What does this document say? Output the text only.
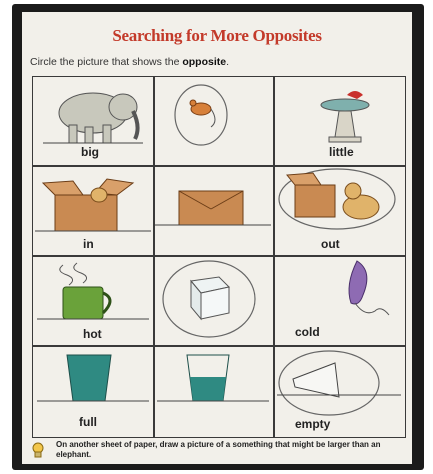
Searching for More Opposites
Circle the picture that shows the opposite.
big	little
in	out
hot	cold
full	empty
On another sheet of paper, draw a picture of a something that might be larger than an elephant.
